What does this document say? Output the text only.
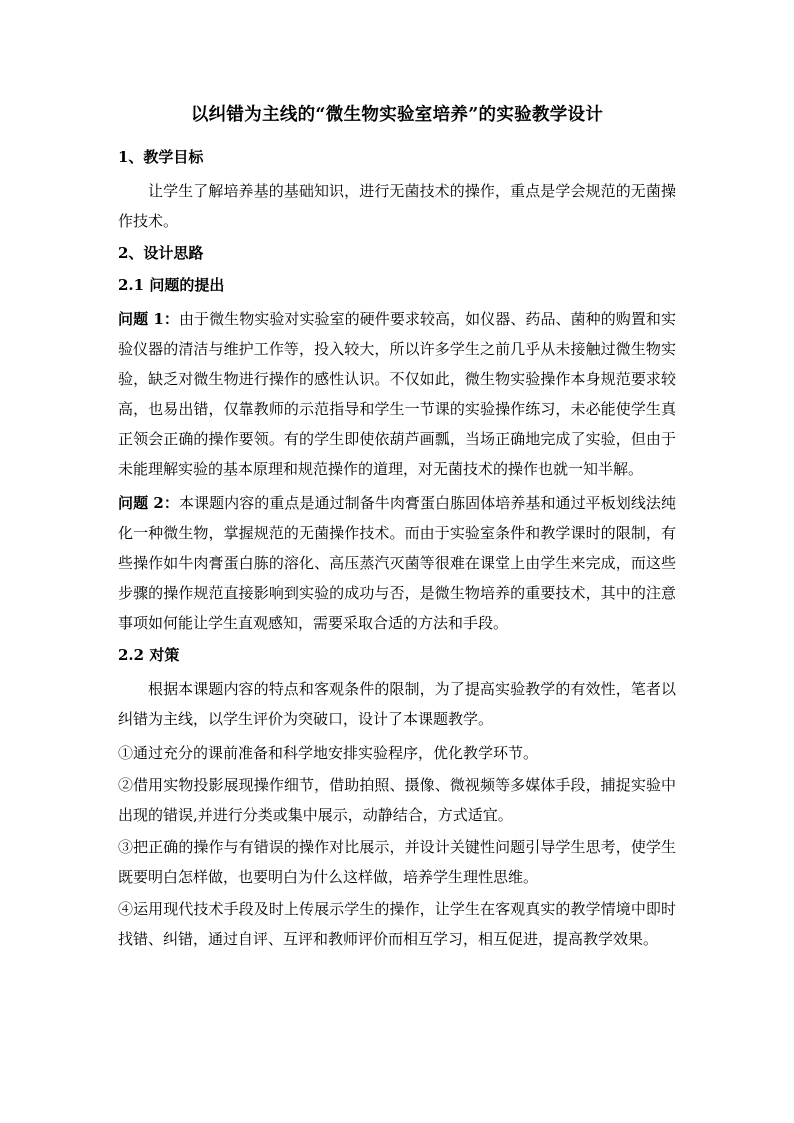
以纠错为主线的“微生物实验室培养”的实验教学设计
1、教学目标

让学生了解培养基的基础知识，进行无菌技术的操作，重点是学会规范的无菌操作技术。

2、设计思路
2.1 问题的提出

问题 1：由于微生物实验对实验室的硬件要求较高，如仪器、药品、菌种的购置和实验仪器的清洁与维护工作等，投入较大，所以许多学生之前几乎从未接触过微生物实验，缺乏对微生物进行操作的感性认识。不仅如此，微生物实验操作本身规范要求较高，也易出错，仅靠教师的示范指导和学生一节课的实验操作练习，未必能使学生真正领会正确的操作要领。有的学生即使依葫芦画瓢，当场正确地完成了实验，但由于未能理解实验的基本原理和规范操作的道理，对无菌技术的操作也就一知半解。

问题 2：本课题内容的重点是通过制备牛肉膏蛋白胨固体培养基和通过平板划线法纯化一种微生物，掌握规范的无菌操作技术。而由于实验室条件和教学课时的限制，有些操作如牛肉膏蛋白胨的溶化、高压蒸汽灭菌等很难在课堂上由学生来完成，而这些步骤的操作规范直接影响到实验的成功与否，是微生物培养的重要技术，其中的注意事项如何能让学生直观感知，需要采取合适的方法和手段。

2.2 对策

根据本课题内容的特点和客观条件的限制，为了提高实验教学的有效性，笔者以纠错为主线，以学生评价为突破口，设计了本课题教学。

①通过充分的课前准备和科学地安排实验程序，优化教学环节。
②借用实物投影展现操作细节，借助拍照、摄像、微视频等多媒体手段，捕捉实验中出现的错误,并进行分类或集中展示，动静结合，方式适宜。
③把正确的操作与有错误的操作对比展示，并设计关键性问题引导学生思考，使学生既要明白怎样做，也要明白为什么这样做，培养学生理性思维。
④运用现代技术手段及时上传展示学生的操作，让学生在客观真实的教学情境中即时找错、纠错，通过自评、互评和教师评价而相互学习，相互促进，提高教学效果。
